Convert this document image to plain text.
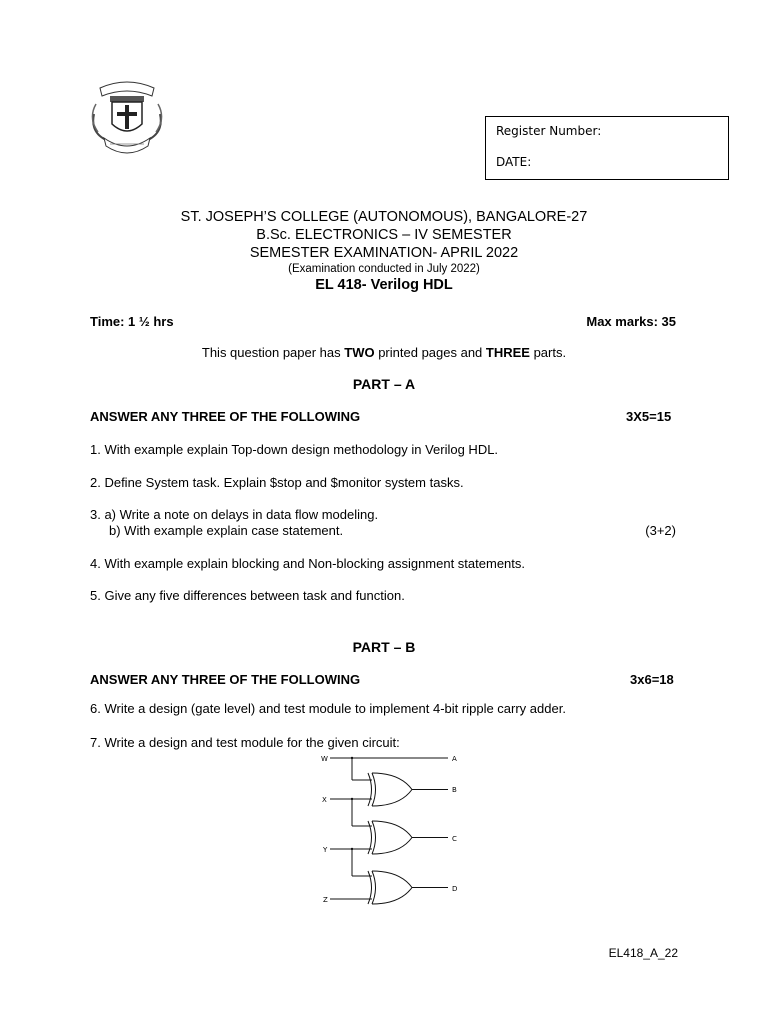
Register Number:
DATE:
ST. JOSEPH’S COLLEGE (AUTONOMOUS), BANGALORE-27
B.Sc. ELECTRONICS – IV SEMESTER
SEMESTER EXAMINATION- APRIL 2022
(Examination conducted in July 2022)
EL 418- Verilog HDL
Time: 1 ½ hrs	Max marks: 35
This question paper has TWO printed pages and THREE parts.
PART – A
ANSWER ANY THREE OF THE FOLLOWING	3X5=15
1. With example explain Top-down design methodology in Verilog HDL.
2. Define System task. Explain $stop and $monitor system tasks.
3. a) Write a note on delays in data flow modeling.
b) With example explain case statement.	(3+2)
4. With example explain blocking and Non-blocking assignment statements.
5. Give any five differences between task and function.
PART – B
ANSWER ANY THREE OF THE FOLLOWING	3x6=18
6. Write a design (gate level) and test module to implement 4-bit ripple carry adder.
7. Write a design and test module for the given circuit:
W
X
Y
Z
A
B
C
D
EL418_A_22
